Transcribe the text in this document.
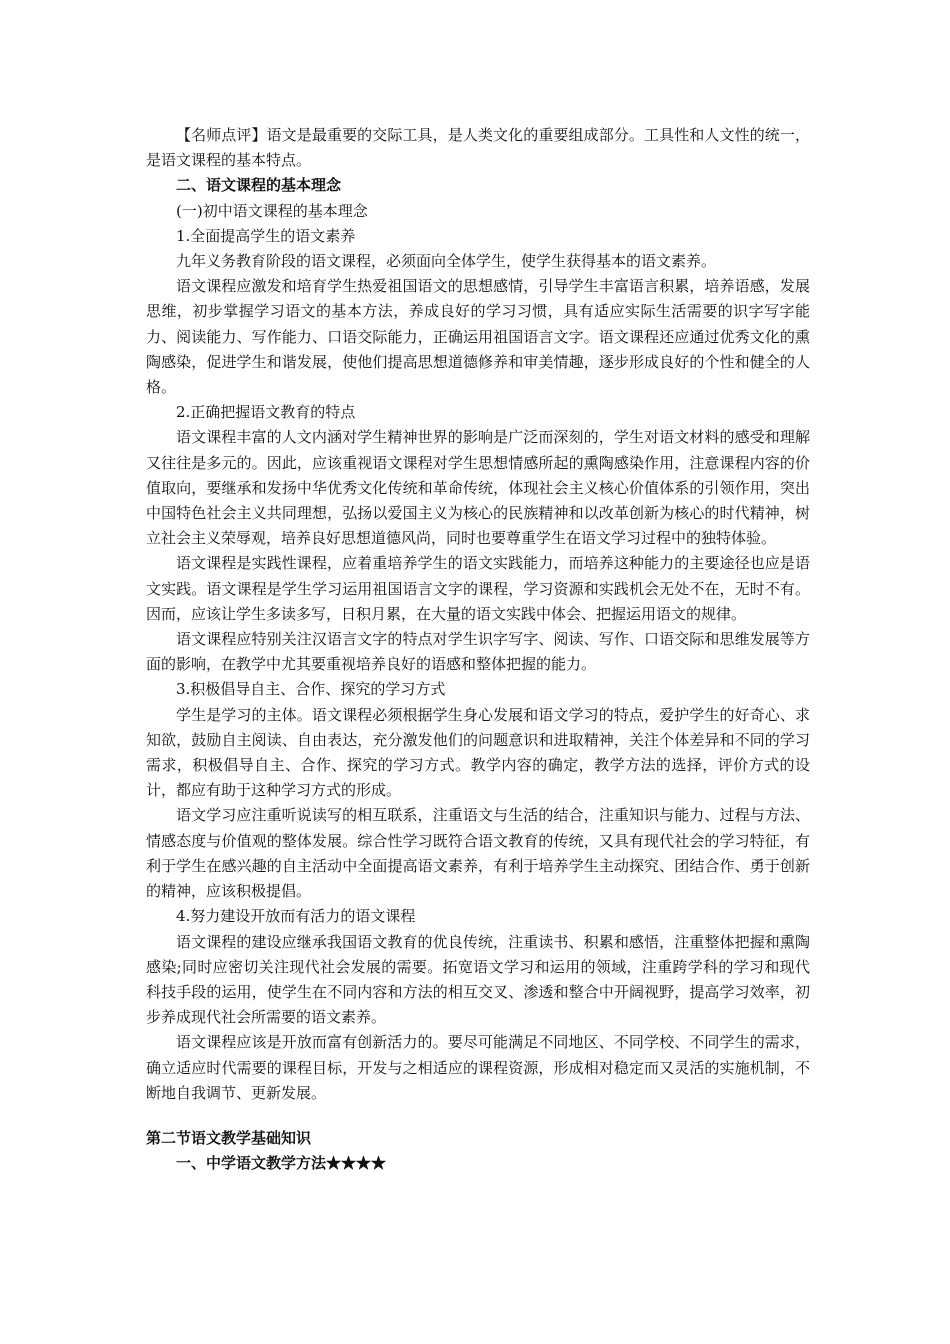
【名师点评】语文是最重要的交际工具，是人类文化的重要组成部分。工具性和人文性的统一，是语文课程的基本特点。

二、语文课程的基本理念

(一)初中语文课程的基本理念

1.全面提高学生的语文素养

九年义务教育阶段的语文课程，必须面向全体学生，使学生获得基本的语文素养。

语文课程应激发和培育学生热爱祖国语文的思想感情，引导学生丰富语言积累，培养语感，发展思维，初步掌握学习语文的基本方法，养成良好的学习习惯，具有适应实际生活需要的识字写字能力、阅读能力、写作能力、口语交际能力，正确运用祖国语言文字。语文课程还应通过优秀文化的熏陶感染，促进学生和谐发展，使他们提高思想道德修养和审美情趣，逐步形成良好的个性和健全的人格。

2.正确把握语文教育的特点

语文课程丰富的人文内涵对学生精神世界的影响是广泛而深刻的，学生对语文材料的感受和理解又往往是多元的。因此，应该重视语文课程对学生思想情感所起的熏陶感染作用，注意课程内容的价值取向，要继承和发扬中华优秀文化传统和革命传统，体现社会主义核心价值体系的引领作用，突出中国特色社会主义共同理想，弘扬以爱国主义为核心的民族精神和以改革创新为核心的时代精神，树立社会主义荣辱观，培养良好思想道德风尚，同时也要尊重学生在语文学习过程中的独特体验。

语文课程是实践性课程，应着重培养学生的语文实践能力，而培养这种能力的主要途径也应是语文实践。语文课程是学生学习运用祖国语言文字的课程，学习资源和实践机会无处不在，无时不有。因而，应该让学生多读多写，日积月累，在大量的语文实践中体会、把握运用语文的规律。

语文课程应特别关注汉语言文字的特点对学生识字写字、阅读、写作、口语交际和思维发展等方面的影响，在教学中尤其要重视培养良好的语感和整体把握的能力。

3.积极倡导自主、合作、探究的学习方式

学生是学习的主体。语文课程必须根据学生身心发展和语文学习的特点，爱护学生的好奇心、求知欲，鼓励自主阅读、自由表达，充分激发他们的问题意识和进取精神，关注个体差异和不同的学习需求，积极倡导自主、合作、探究的学习方式。教学内容的确定，教学方法的选择，评价方式的设计，都应有助于这种学习方式的形成。

语文学习应注重听说读写的相互联系，注重语文与生活的结合，注重知识与能力、过程与方法、情感态度与价值观的整体发展。综合性学习既符合语文教育的传统，又具有现代社会的学习特征，有利于学生在感兴趣的自主活动中全面提高语文素养，有利于培养学生主动探究、团结合作、勇于创新的精神，应该积极提倡。

4.努力建设开放而有活力的语文课程

语文课程的建设应继承我国语文教育的优良传统，注重读书、积累和感悟，注重整体把握和熏陶感染;同时应密切关注现代社会发展的需要。拓宽语文学习和运用的领域，注重跨学科的学习和现代科技手段的运用，使学生在不同内容和方法的相互交叉、渗透和整合中开阔视野，提高学习效率，初步养成现代社会所需要的语文素养。

语文课程应该是开放而富有创新活力的。要尽可能满足不同地区、不同学校、不同学生的需求，确立适应时代需要的课程目标，开发与之相适应的课程资源，形成相对稳定而又灵活的实施机制，不断地自我调节、更新发展。

第二节语文教学基础知识

一、中学语文教学方法★★★★
